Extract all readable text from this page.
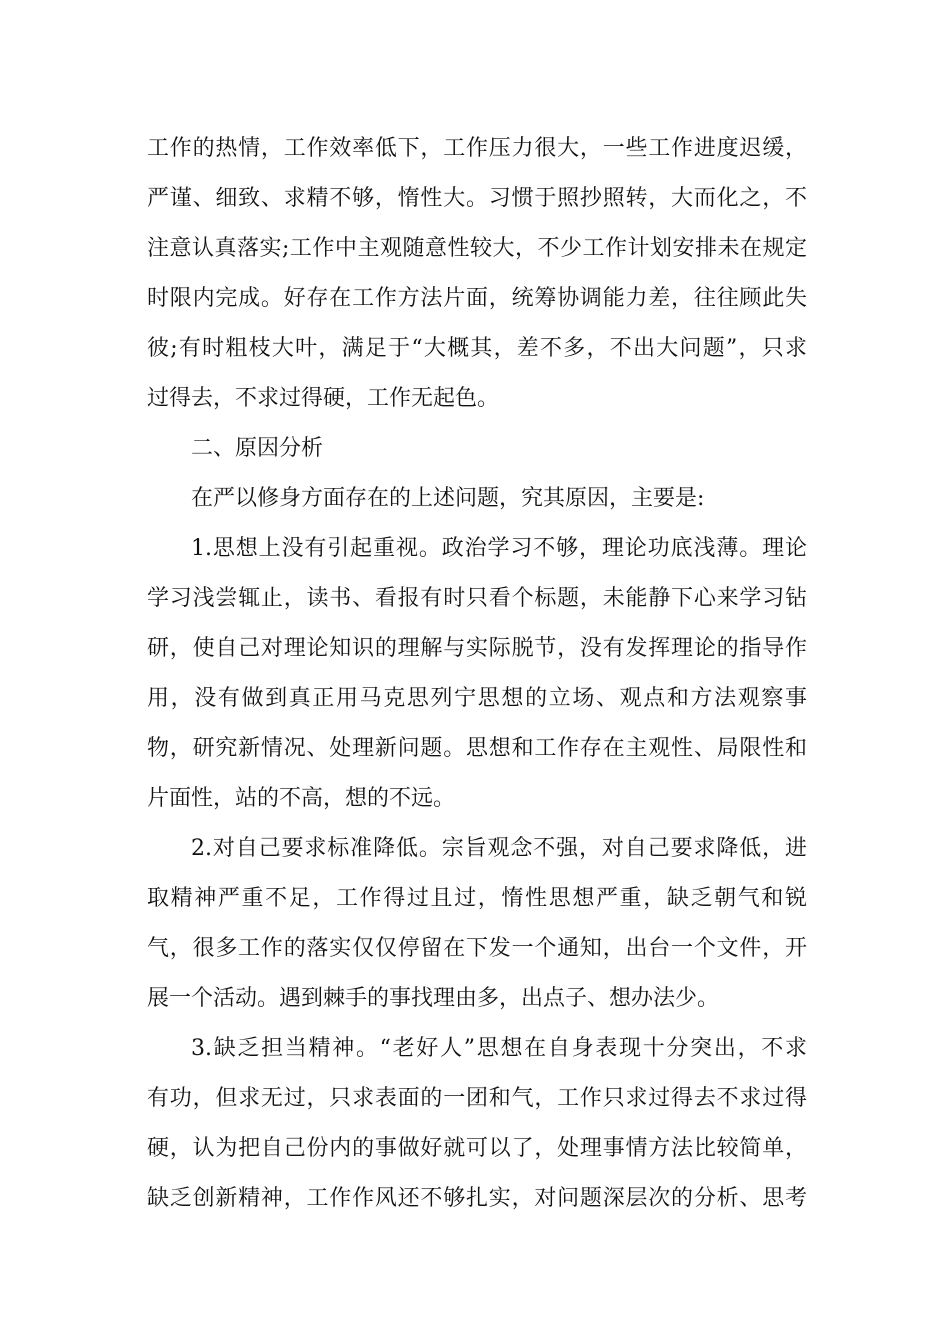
工作的热情，工作效率低下，工作压力很大，一些工作进度迟缓，
严谨、细致、求精不够，惰性大。习惯于照抄照转，大而化之，不
注意认真落实;工作中主观随意性较大，不少工作计划安排未在规定
时限内完成。好存在工作方法片面，统筹协调能力差，往往顾此失
彼;有时粗枝大叶，满足于“大概其，差不多，不出大问题”，只求
过得去，不求过得硬，工作无起色。
二、原因分析
在严以修身方面存在的上述问题，究其原因，主要是:
1.思想上没有引起重视。政治学习不够，理论功底浅薄。理论
学习浅尝辄止，读书、看报有时只看个标题，未能静下心来学习钻
研，使自己对理论知识的理解与实际脱节，没有发挥理论的指导作
用，没有做到真正用马克思列宁思想的立场、观点和方法观察事
物，研究新情况、处理新问题。思想和工作存在主观性、局限性和
片面性，站的不高，想的不远。
2.对自己要求标准降低。宗旨观念不强，对自己要求降低，进
取精神严重不足，工作得过且过，惰性思想严重，缺乏朝气和锐
气，很多工作的落实仅仅停留在下发一个通知，出台一个文件，开
展一个活动。遇到棘手的事找理由多，出点子、想办法少。
3.缺乏担当精神。“老好人”思想在自身表现十分突出，不求
有功，但求无过，只求表面的一团和气，工作只求过得去不求过得
硬，认为把自己份内的事做好就可以了，处理事情方法比较简单，
缺乏创新精神，工作作风还不够扎实，对问题深层次的分析、思考
